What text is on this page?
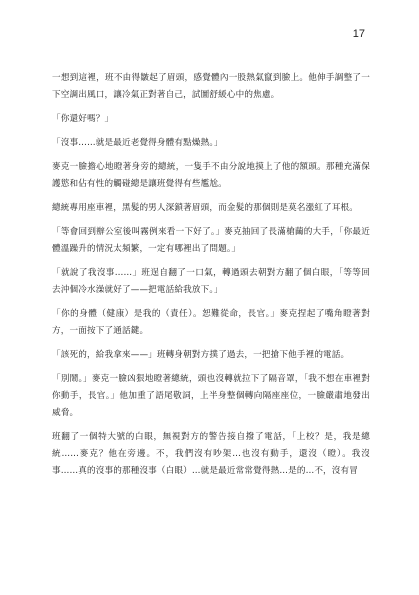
17

一想到這裡，班不由得皺起了眉頭，感覺體內一股熱氣竄到臉上。他伸手調整了一下空調出風口，讓冷氣正對著自己，試圖舒緩心中的焦慮。

「你還好嗎？」

「沒事……就是最近老覺得身體有點燥熱。」

麥克一臉擔心地瞪著身旁的總統，一隻手不由分說地摸上了他的額頭。那種充滿保護慾和佔有性的觸碰總是讓班覺得有些尷尬。

總統專用座車裡，黑髮的男人深鎖著眉頭，而金髮的那個則是莫名漲紅了耳根。

「等會回到辦公室後叫霧例來看一下好了。」麥克抽回了長滿槍繭的大手，「你最近體溫躁升的情況太頻繁，一定有哪裡出了問題。」

「就說了我沒事……」班逞自翻了一口氣，轉過頭去朝對方翻了個白眼，「等等回去沖個冷水澡就好了——把電話給我放下。」

「你的身體（健康）是我的（責任）。恕難從命，長官。」麥克捏起了嘴角瞪著對方，一面按下了通話鍵。

「該死的，給我拿來——」班轉身朝對方撲了過去，一把搶下他手裡的電話。

「別鬧。」麥克一臉凶狠地瞪著總統，頭也沒轉就拉下了隔音罩，「我不想在車裡對你動手，長官。」他加重了語尾敬詞，上半身整個轉向隔座座位，一臉嚴肅地發出威脅。

班翻了一個特大號的白眼，無視對方的警告接自撥了電話，「上校？是，我是總統……麥克？他在旁邊。不，我們沒有吵架…也沒有動手，還沒（瞪）。我沒事……真的沒事的那種沒事（白眼）…就是最近常常覺得熱…是的…不，沒有冒
